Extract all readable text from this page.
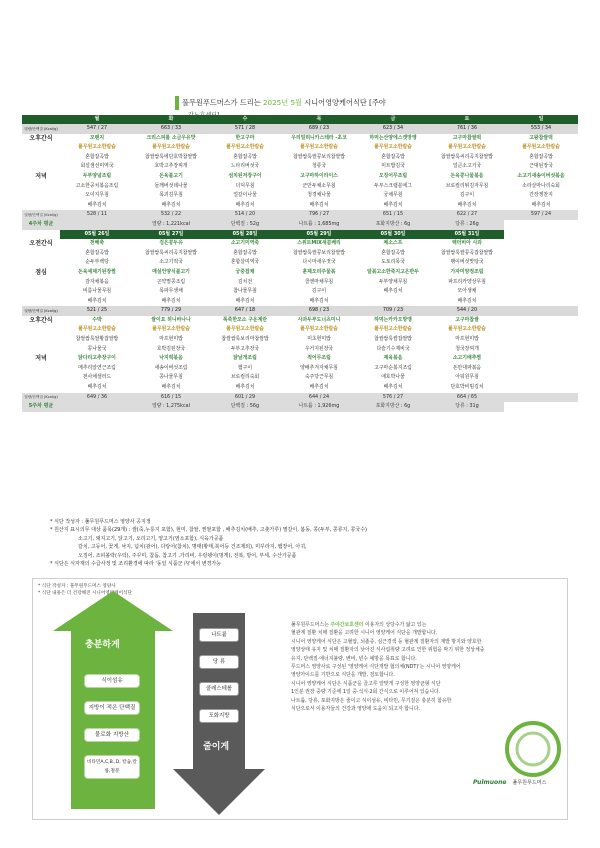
풀무원푸드머스가 드리는 2025년 5월 시니어영양케어식단 [주야
	월	화	수	목	금	토	일
열량/단백질 (Kcal/g)	547 / 27	663 / 33	571 / 28	689 / 23	623 / 34	761 / 36	553 / 34
오후간식	모렌지	크리스피롤 소금우유맛	한고구마	우리밀허니카스테라 -초코	하먹는산양에스캣망앵	고구마찹쌀떡	고왕찹쌀떡
	풀무원고소한칼슘	풀무원고소한칼슘	풀무원고소한칼슘	풀무원고소한칼슘	풀무원고소한칼슘	풀무원고소한칼슘	풀무원고소한칼슘
	혼합잡곡밥	찹쌀쌈룩에단호박찹쌀밥	혼합잡곡밥	찹쌀쌈룩쌀콩보리찹쌀밥	혼합잡곡밥	찹쌀쌈룩씨리곡지찹쌀밥	혼합잡곡밥
	회설샘선미역국	호박고추장찌개	느타리버섯국	청류국	미트밥김국	얼큰소고기국	근대된장국
저녁	두부양념조림	돈육불고기	섬치된저장구이	고구마하이라이스	오징어무조림	돈육콩나물볶음	소고기새송이버섯볶음
	고소한공치볶음조림	들깨버섯데나물	더덕무침	군만두채소무침	두부스크램블에그	브로컬리튀김자무침	소라살마나리숙회
	오이지무침	목괴김무침	얼갈이나물	청경채나물	궁채무침	김구이	간장쟁찬지
	배추김치	배추김치	배추김치	배추김치	배추김치	배추김치	배추김치
열량/단백질 (Kcal/g)	528 / 11	532 / 22	514 / 20	796 / 27	651 / 15	622 / 27	597 / 24
4주차 평균		열량 : 1,221kcal	단백질 : 52g	나트륨 : 1,685mg	포화지방산 : 6g	당류 : 26g	
	05월 26일	05월 27일	05월 28일	05월 29일	05월 30일	05월 31일	
오전간식	천혜축	검은콩두유	소고기미역죽	스위트MIX새콤베리	체소스프	렉터비아 사과	
	혼합잡곡밥	찹쌀쌈룩씨리곡지찹쌀밥	혼합잡곡밥	찹쌀쌈룩쌀콩보리찹쌀밥	혼합잡곡밥	찹쌀쌈룩쌀콩곡잡찹쌀밥	
	순두부백탕	소고기떡국	혼합살미역국	다시마새우젓국	도토리목국	팽이버섯맛탕국	
점심	돈육셰제기된장찜	매실언양식불고기	궁중잡채	훈제오리주물볶	알볶고소한죽지고은반두	가자미양정조림	
	감자채볶음	곤약멸콩조림	김치전	콜엔마채무침	두부양채무침	파프리카양상무침	
	비름나물무침	목파무생채	참나물무침	김구이	배추김치	모아생채	
	배추김치	배추김치	배추김치	배추김치		배추김치	
열량/단백질 (Kcal/g)	521 / 25	779 / 29	647 / 18	698 / 23	709 / 23	544 / 20	
오후간식	수박	쌀이요 허니바나나	폭죽한모소 구운계란	사과두부도너츠미니	하먹는카카오망앵	고구마찹쌀	
	풀무원고소한칼슘	풀무원고소한칼슘	풀무원고소한칼슘	풀무원고소한칼슘	풀무원고소한칼슘	풀무원고소한칼슘	
	찹쌀쌈룩쌀황잡쌀밥	마프현미밥	찹쌀쌈룩보리마찹쌀밥	미초현미밥	찹쌀쌈룩쌀잡쌀밥	마프현미밥	
	콩나물국	호박김된장국	두부고추장국	우거지된장국	다슬기수제비국	청국장찌개	
저녁	닭다리고추장구이	낙지떡볶음	닭날개조림	적어무조림	제육볶음	소고기배추찜	
	메추리알연근조림	새송이버섯조림	햄구이	양배추겨자채무침	고구마순볶지조림	돈만대파볶음	
	천사채샐러드	콩나물무침	브로컬리숙회	숙주당근무침	애호박나물	아워원무침	
	배추김치	배추김치	배추김치	배추김치	배추김치	단호박비빔김치	
열량/단백질 (Kcal/g)	649 / 36	616 / 15	601 / 29	644 / 24	576 / 27	664 / 65	
5주차 평균		열량 : 1,275kcal	단백질 : 56g	나트륨 : 1,926mg	포화지방산 : 6g	당류 : 31g	
* 식단 작성자 : 풀무원푸드머스 영양사 공지정
* 원산지 표시의무 대상 품목(29개) : 쌀(죽,누룽지 포함), 현미, 찹쌀, 찐쌀포함 , 배추김치(배추, 고춧가루) 멸갈이, 봄동, 콩(두부, 콩류지, 콩국수)
소고기, 돼지고기, 닭고기, 오리고기, 양고기(염소포함), 식육가공품
갈치, 고등어, 꽃게, 낙지, 넙치(광어), 다랑어(참치), 명태(황태,북어등 건조제외), 미꾸라지, 뱀장어, 아귀,
오징어, 조피볼락(우럭), 주꾸미, 참돔, 참고기 ,가리비, 우렁쉥이(멍게), 전복, 방어, 부세, 수산가공품
* 식단은 식자재의 수급사정 및 조리환경에 따라 '동일 식품군 內'에서 변경가능
* 식단 작성자 : 풀무원푸드머스 영양사
* 식단 내용은 더 건강해진 시니어영양케어식단
충분하게
식이섬유
지방이 적은 단백질
물로화 지방산
비타민A,C,B.,D, 칼슘,칼륨,철분
나트륨
당 류
콜레스테롤
포화지방
줄이게
풀무원푸드머스는 주야간보호센터 이용자의 상당수가 앓고 있는
혈관계 질환 치매 질환을 고려한 시니어 영양케어 식단을 개발합니다.
시니어 영양케어 식단은 고혈압, 뇌졸증, 심근경색 등 혈관계 질환자의 재발 방지와 양호한
영양상태 유지 및 치매 질환자의 낮아진 식사섭취량 고려로 인한 위험을 막기 위한 정상체중
유지, 단백질·에너지불량, 변비, 빈수 예방을 목표로 합니다.
푸드머스 영양사로 구성된 '영양케어 식단개발 협의체(NDT)'는 시니어 영양케어
영양가이드를 기반으로 식단을 개발, 검토합니다.
시니어 영양케어 식단은 식품군을 골고루 알맞게 구성한 영양균형 식단
1인분 권장 중량 기준에 1일 중·석식·2회 간식으로 이루어져 있습니다.
나트륨, 당류, 포화지방은 줄이고 식이섬유, 비타민, 무기질은 충분히 함유한
식단으로서 이용자들의 건강과 영양에 도움이 되고자 합니다.
Pulmuone 풀무원푸드머스
